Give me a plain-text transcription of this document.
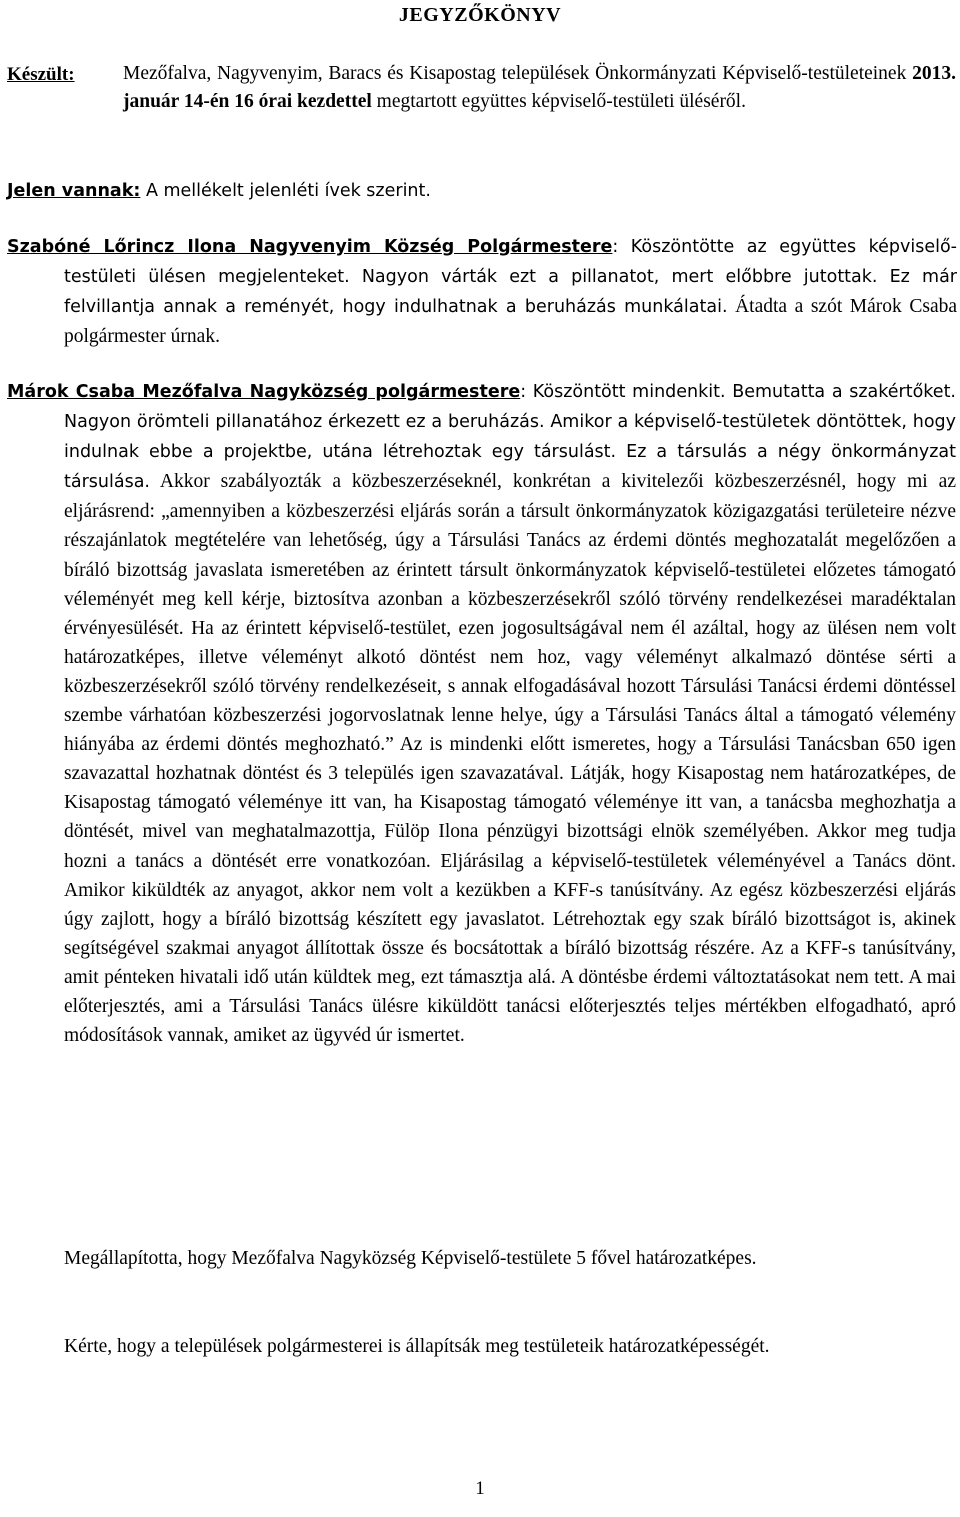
JEGYZŐKÖNYV
Készült: Mezőfalva, Nagyvenyim, Baracs és Kisapostag települések Önkormányzati Képviselő-testületeinek 2013. január 14-én 16 órai kezdettel megtartott együttes képviselő-testületi üléséről.
Jelen vannak: A mellékelt jelenléti ívek szerint.
Szabóné Lőrincz Ilona Nagyvenyim Község Polgármestere: Köszöntötte az együttes képviselő-testületi ülésen megjelenteket. Nagyon várták ezt a pillanatot, mert előbbre jutottak. Ez már felvillantja annak a reményét, hogy indulhatnak a beruházás munkálatai. Átadta a szót Márok Csaba polgármester úrnak.
Márok Csaba Mezőfalva Nagyközség polgármestere: Köszöntött mindenkit. Bemutatta a szakértőket. Nagyon örömteli pillanatához érkezett ez a beruházás. Amikor a képviselő-testületek döntöttek, hogy indulnak ebbe a projektbe, utána létrehoztak egy társulást. Ez a társulás a négy önkormányzat társulása. Akkor szabályozták a közbeszerzéseknél, konkrétan a kivitelezői közbeszerzésnél, hogy mi az eljárásrend: „amennyiben a közbeszerzési eljárás során a társult önkormányzatok közigazgatási területeire nézve részajánlatok megtételére van lehetőség, úgy a Társulási Tanács az érdemi döntés meghozatalát megelőzően a bíráló bizottság javaslata ismeretében az érintett társult önkormányzatok képviselő-testületei előzetes támogató véleményét meg kell kérje, biztosítva azonban a közbeszerzésekről szóló törvény rendelkezései maradéktalan érvényesülését. Ha az érintett képviselő-testület, ezen jogosultságával nem él azáltal, hogy az ülésen nem volt határozatképes, illetve véleményt alkotó döntést nem hoz, vagy véleményt alkalmazó döntése sérti a közbeszerzésekről szóló törvény rendelkezéseit, s annak elfogadásával hozott Társulási Tanácsi érdemi döntéssel szembe várhatóan közbeszerzési jogorvoslatnak lenne helye, úgy a Társulási Tanács által a támogató vélemény hiányába az érdemi döntés meghozható.” Az is mindenki előtt ismeretes, hogy a Társulási Tanácsban 650 igen szavazattal hozhatnak döntést és 3 település igen szavazatával. Látják, hogy Kisapostag nem határozatképes, de Kisapostag támogató véleménye itt van, ha Kisapostag támogató véleménye itt van, a tanácsba meghozhatja a döntését, mivel van meghatalmazottja, Fülöp Ilona pénzügyi bizottsági elnök személyében. Akkor meg tudja hozni a tanács a döntését erre vonatkozóan. Eljárásilag a képviselő-testületek véleményével a Tanács dönt. Amikor kiküldték az anyagot, akkor nem volt a kezükben a KFF-s tanúsítvány. Az egész közbeszerzési eljárás úgy zajlott, hogy a bíráló bizottság készített egy javaslatot. Létrehoztak egy szak bíráló bizottságot is, akinek segítségével szakmai anyagot állítottak össze és bocsátottak a bíráló bizottság részére. Az a KFF-s tanúsítvány, amit pénteken hivatali idő után küldtek meg, ezt támasztja alá. A döntésbe érdemi változtatásokat nem tett. A mai előterjesztés, ami a Társulási Tanács ülésre kiküldött tanácsi előterjesztés teljes mértékben elfogadható, apró módosítások vannak, amiket az ügyvéd úr ismertet.
Megállapította, hogy Mezőfalva Nagyközség Képviselő-testülete 5 fővel határozatképes.
Kérte, hogy a települések polgármesterei is állapítsák meg testületeik határozatképességét.
1
